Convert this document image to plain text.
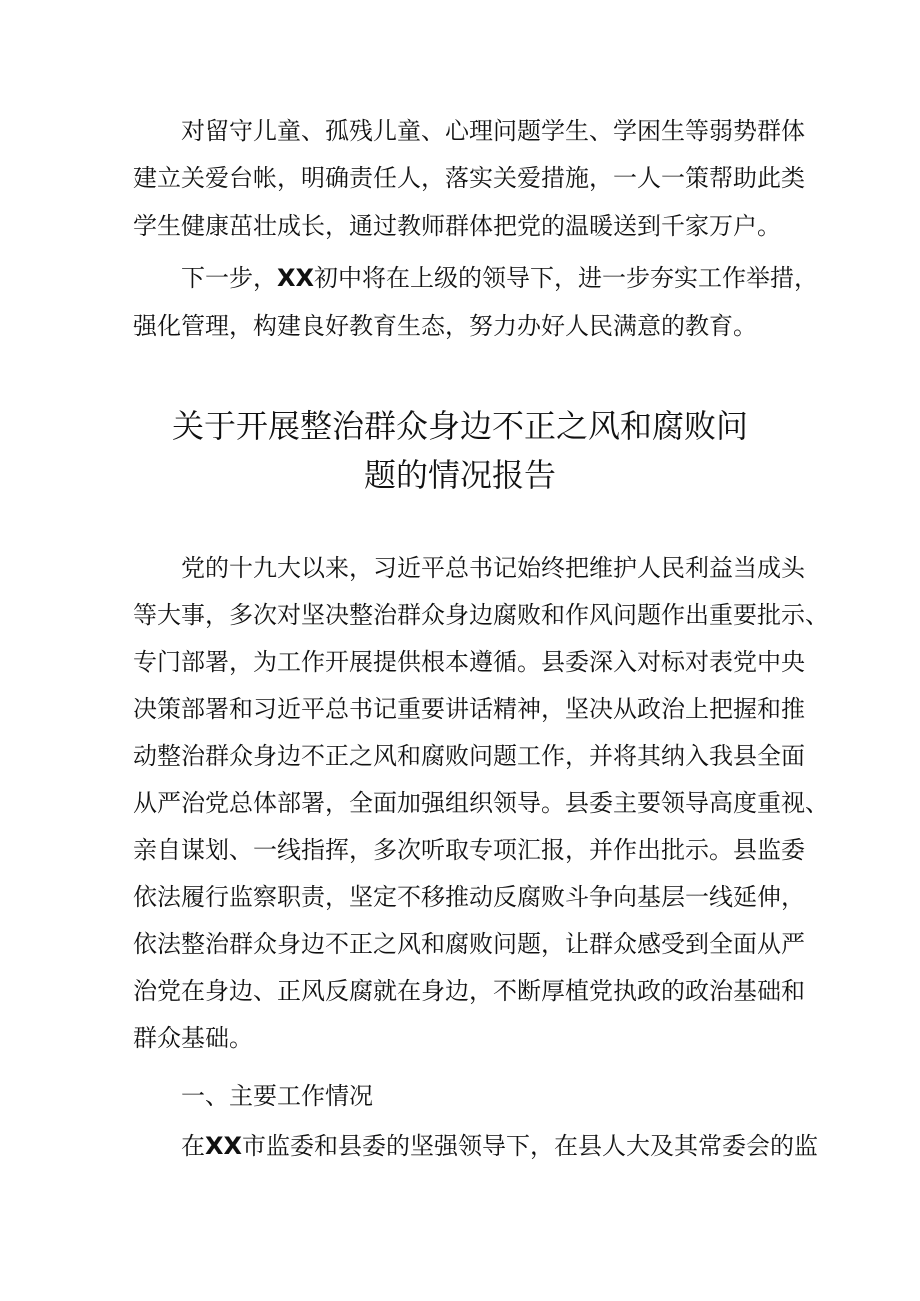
对留守儿童、孤残儿童、心理问题学生、学困生等弱势群体
建立关爱台帐，明确责任人，落实关爱措施，一人一策帮助此类
学生健康茁壮成长，通过教师群体把党的温暖送到千家万户。
下一步，XX初中将在上级的领导下，进一步夯实工作举措，
强化管理，构建良好教育生态，努力办好人民满意的教育。
关于开展整治群众身边不正之风和腐败问
题的情况报告
党的十九大以来，习近平总书记始终把维护人民利益当成头
等大事，多次对坚决整治群众身边腐败和作风问题作出重要批示、
专门部署，为工作开展提供根本遵循。县委深入对标对表党中央
决策部署和习近平总书记重要讲话精神，坚决从政治上把握和推
动整治群众身边不正之风和腐败问题工作，并将其纳入我县全面
从严治党总体部署，全面加强组织领导。县委主要领导高度重视、
亲自谋划、一线指挥，多次听取专项汇报，并作出批示。县监委
依法履行监察职责，坚定不移推动反腐败斗争向基层一线延伸，
依法整治群众身边不正之风和腐败问题，让群众感受到全面从严
治党在身边、正风反腐就在身边，不断厚植党执政的政治基础和
群众基础。
一、主要工作情况
在XX市监委和县委的坚强领导下，在县人大及其常委会的监
